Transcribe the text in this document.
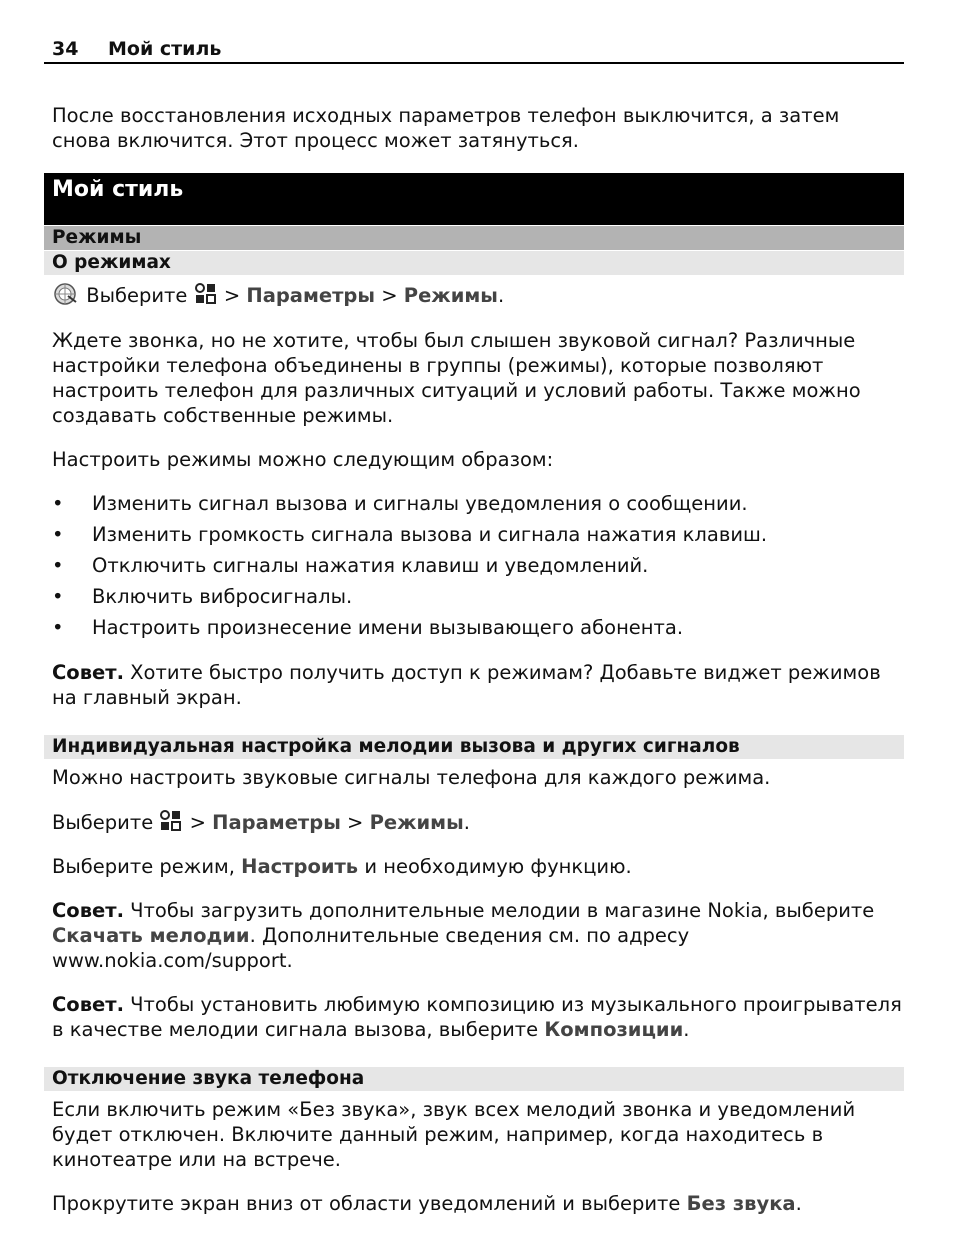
34 Мой стиль
После восстановления исходных параметров телефон выключится, а затем снова включится. Этот процесс может затянуться.
Мой стиль
Режимы
О режимах
Выберите > Параметры > Режимы.
Ждете звонка, но не хотите, чтобы был слышен звуковой сигнал? Различные настройки телефона объединены в группы (режимы), которые позволяют настроить телефон для различных ситуаций и условий работы. Также можно создавать собственные режимы.
Настроить режимы можно следующим образом:
• Изменить сигнал вызова и сигналы уведомления о сообщении.
• Изменить громкость сигнала вызова и сигнала нажатия клавиш.
• Отключить сигналы нажатия клавиш и уведомлений.
• Включить вибросигналы.
• Настроить произнесение имени вызывающего абонента.
Совет. Хотите быстро получить доступ к режимам? Добавьте виджет режимов на главный экран.
Индивидуальная настройка мелодии вызова и других сигналов
Можно настроить звуковые сигналы телефона для каждого режима.
Выберите > Параметры > Режимы.
Выберите режим, Настроить и необходимую функцию.
Совет. Чтобы загрузить дополнительные мелодии в магазине Nokia, выберите Скачать мелодии. Дополнительные сведения см. по адресу www.nokia.com/support.
Совет. Чтобы установить любимую композицию из музыкального проигрывателя в качестве мелодии сигнала вызова, выберите Композиции.
Отключение звука телефона
Если включить режим «Без звука», звук всех мелодий звонка и уведомлений будет отключен. Включите данный режим, например, когда находитесь в кинотеатре или на встрече.
Прокрутите экран вниз от области уведомлений и выберите Без звука.
